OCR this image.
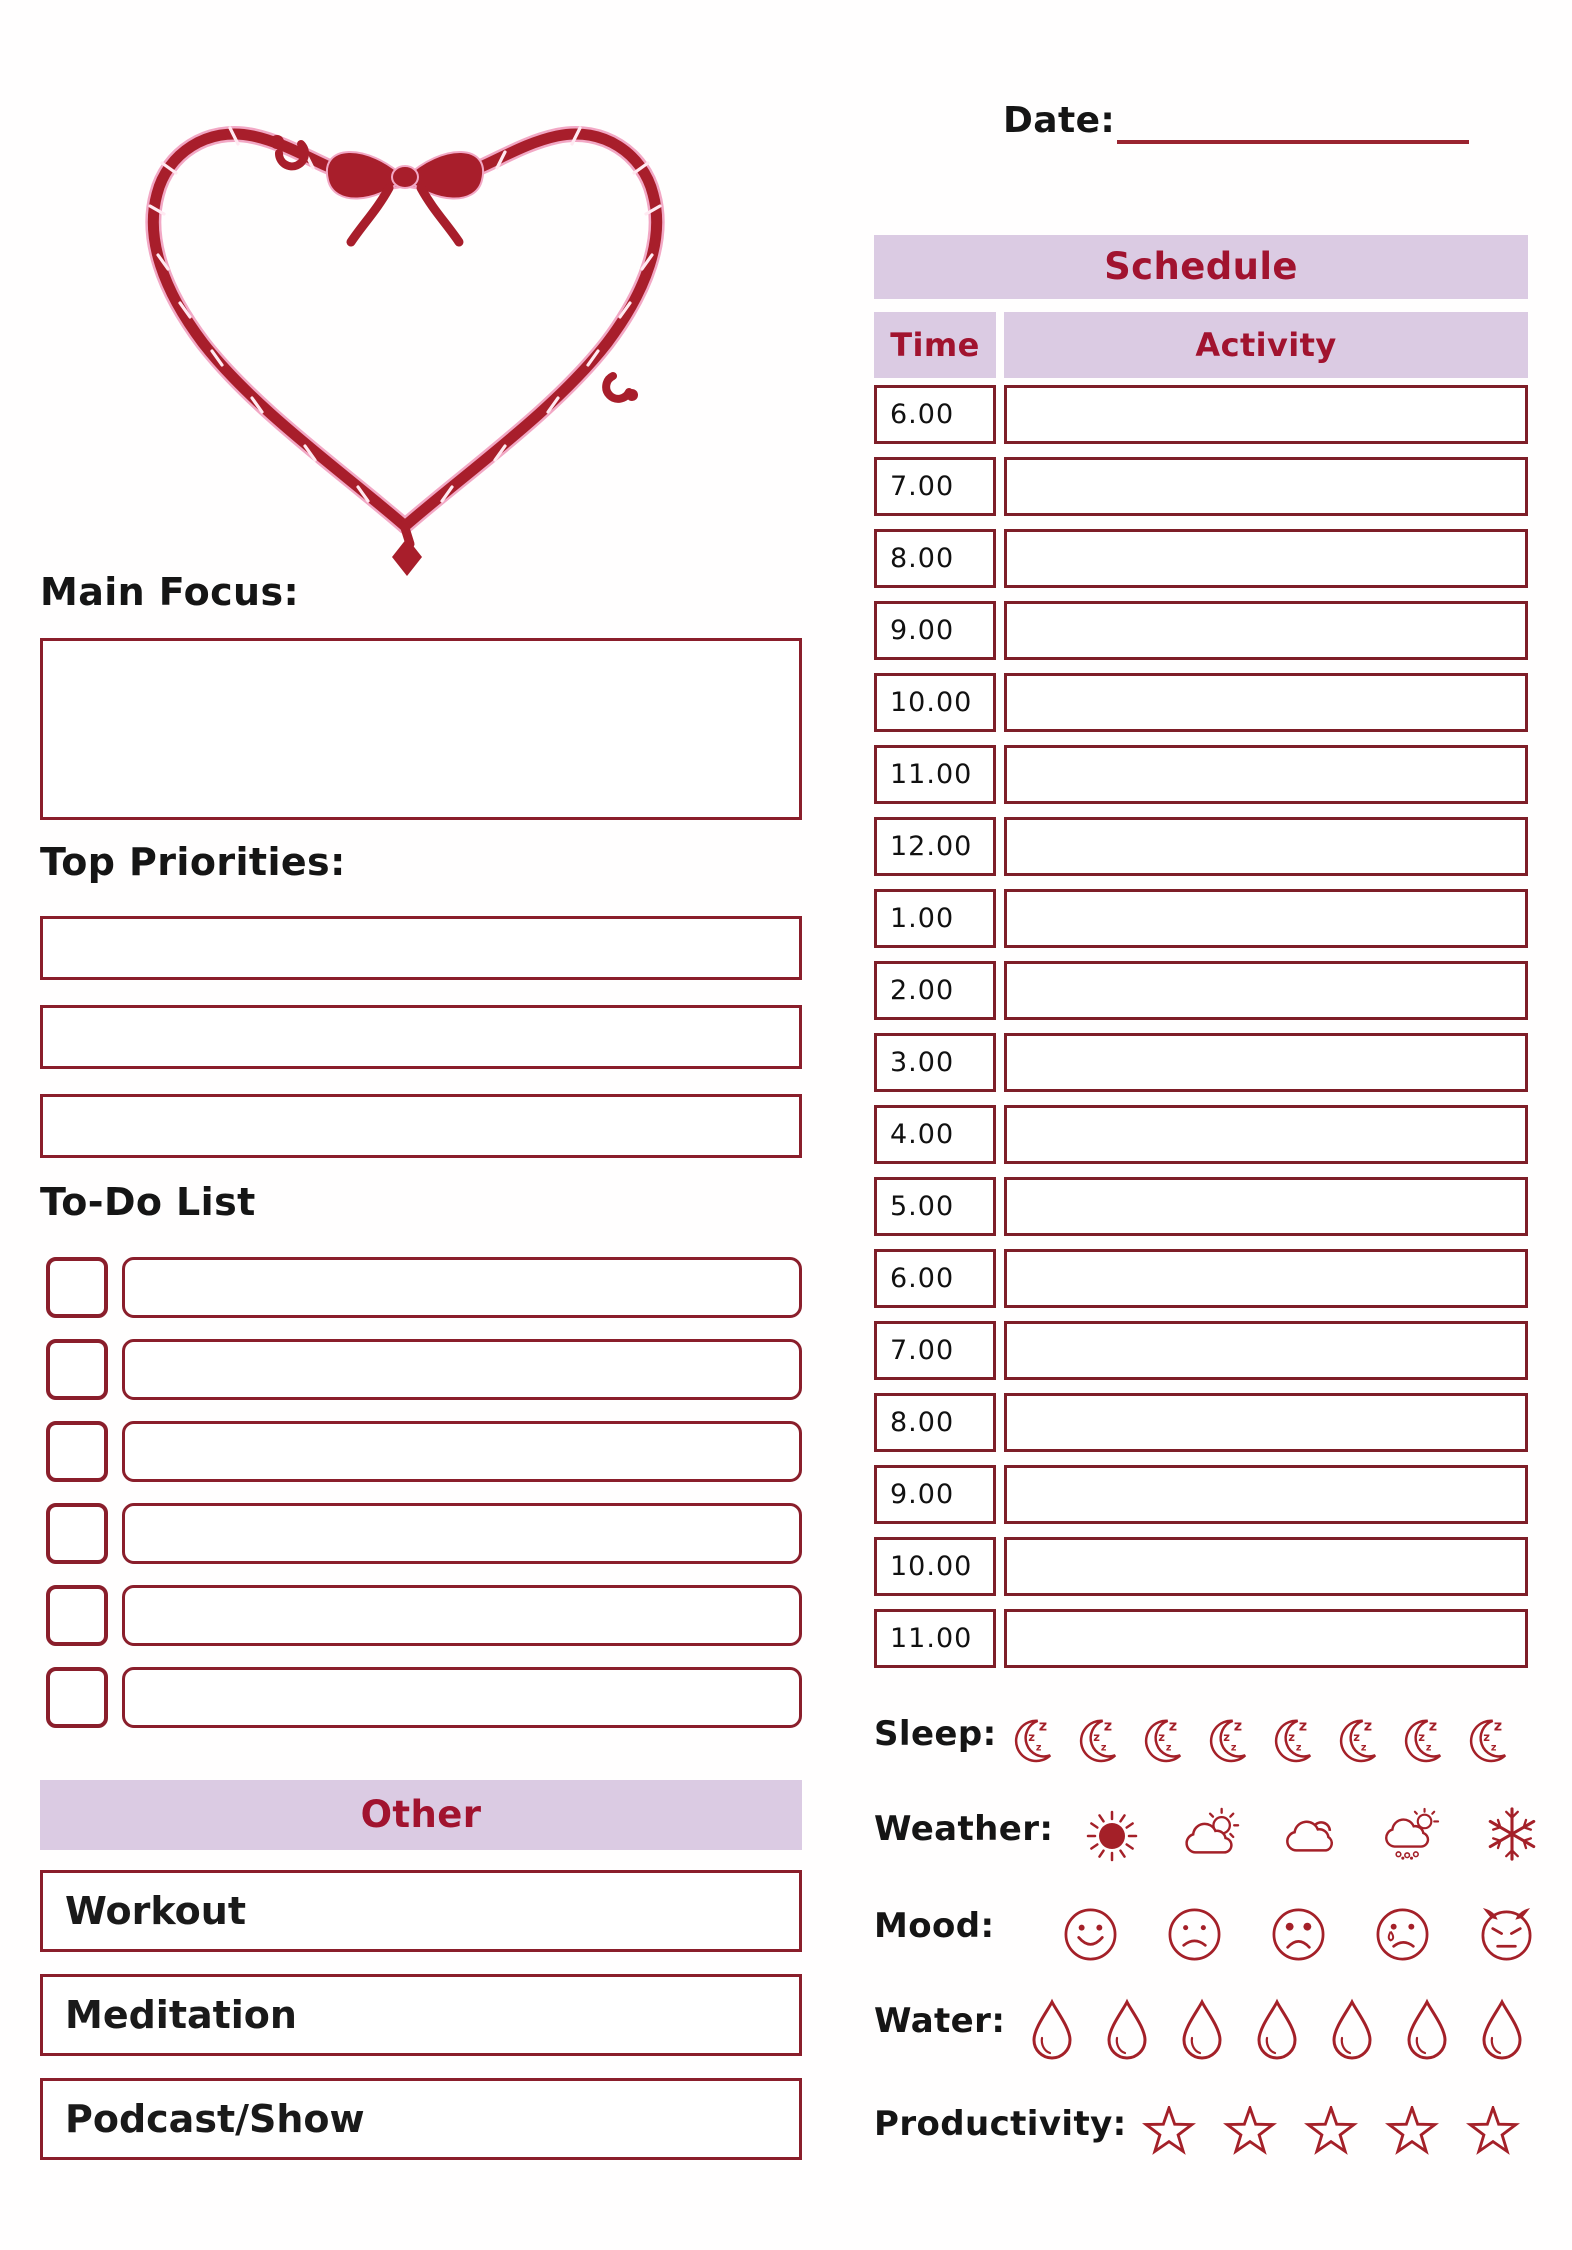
Date:
Main Focus:
Top Priorities:
To-Do List
Other
Workout
Meditation
Podcast/Show
Schedule
Time	Activity
6.00
7.00
8.00
9.00
10.00
11.00
12.00
1.00
2.00
3.00
4.00
5.00
6.00
7.00
8.00
9.00
10.00
11.00
Sleep:
Weather:
Mood:
Water:
Productivity:
